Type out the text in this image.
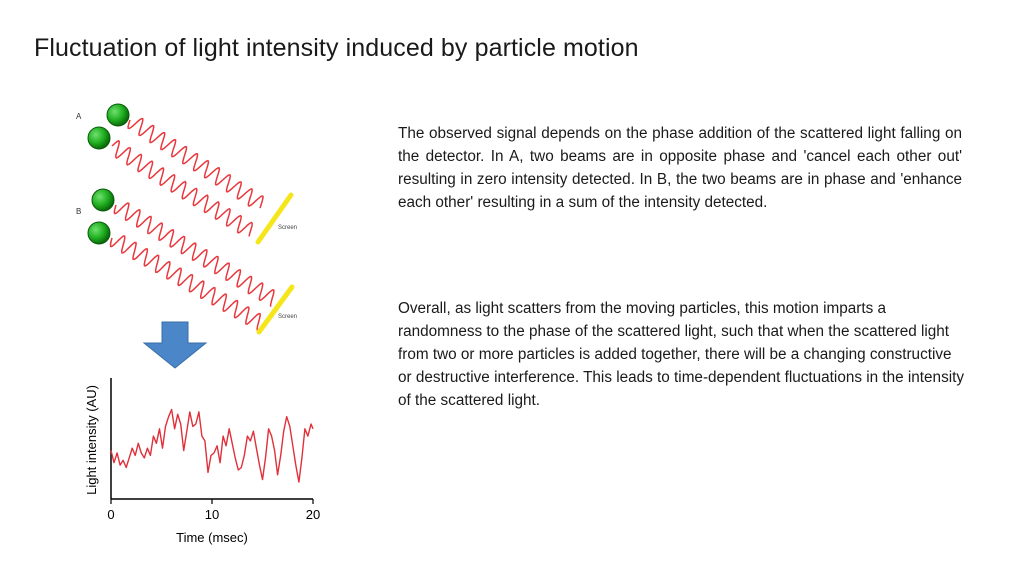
Fluctuation of light intensity induced by particle motion
A
B
Screen
Screen
0	10	20
Time (msec)
Light intensity (AU)
The observed signal depends on the phase addition of the scattered light falling on the detector. In A, two beams are in opposite phase and 'cancel each other out' resulting in zero intensity detected. In B, the two beams are in phase and 'enhance each other' resulting in a sum of the intensity detected.
Overall, as light scatters from the moving particles, this motion imparts a randomness to the phase of the scattered light, such that when the scattered light from two or more particles is added together, there will be a changing constructive or destructive interference. This leads to time-dependent fluctuations in the intensity of the scattered light.
